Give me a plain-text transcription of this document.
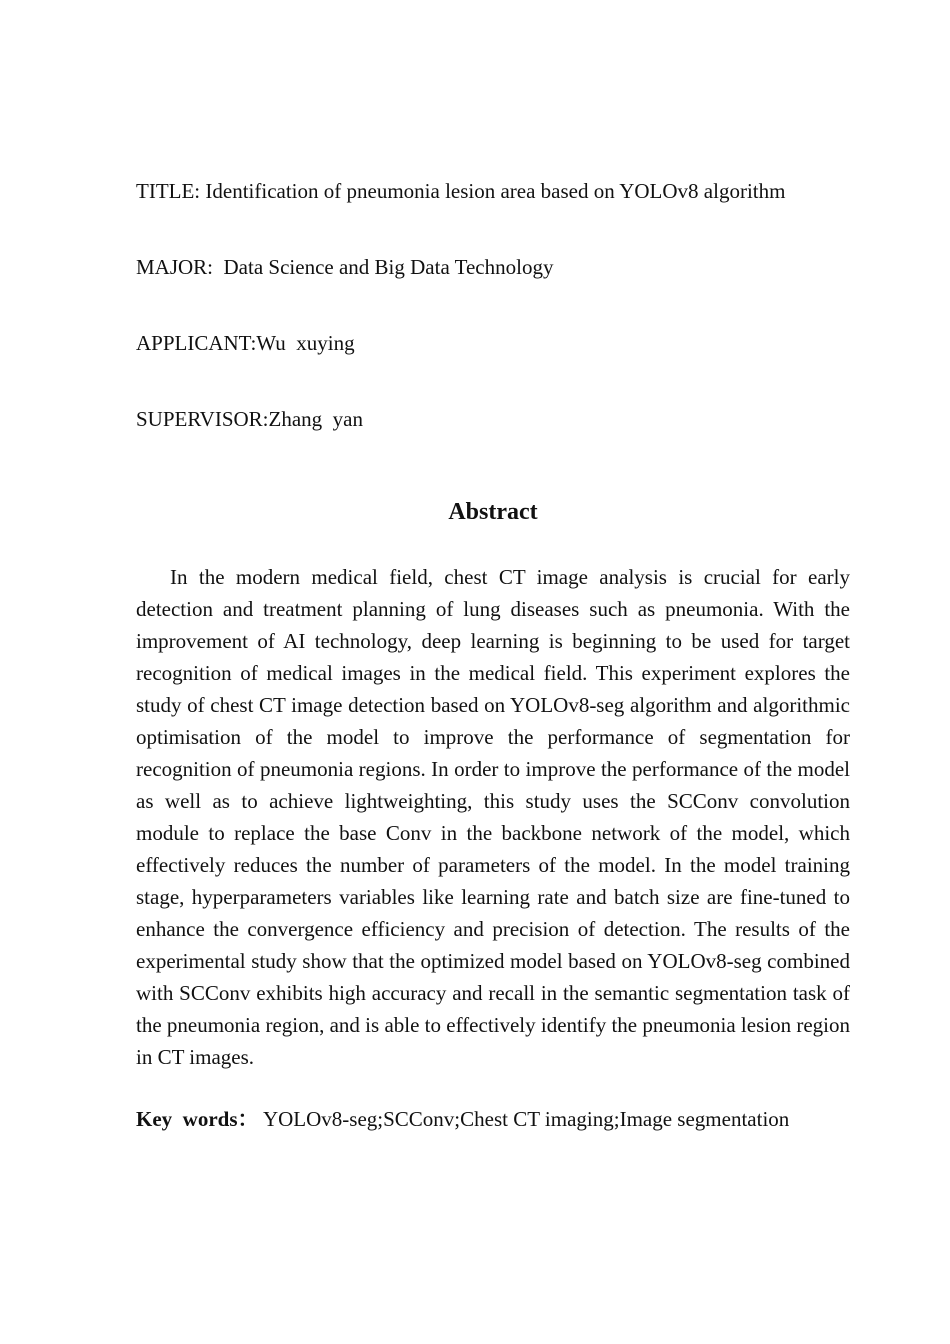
TITLE: Identification of pneumonia lesion area based on YOLOv8 algorithm
MAJOR:  Data Science and Big Data Technology
APPLICANT:Wu  xuying
SUPERVISOR:Zhang  yan
Abstract

In the modern medical field, chest CT image analysis is crucial for early detection and treatment planning of lung diseases such as pneumonia. With the improvement of AI technology, deep learning is beginning to be used for target recognition of medical images in the medical field. This experiment explores the study of chest CT image detection based on YOLOv8-seg algorithm and algorithmic optimisation of the model to improve the performance of segmentation for recognition of pneumonia regions. In order to improve the performance of the model as well as to achieve lightweighting, this study uses the SCConv convolution module to replace the base Conv in the backbone network of the model, which effectively reduces the number of parameters of the model. In the model training stage, hyperparameters variables like learning rate and batch size are fine-tuned to enhance the convergence efficiency and precision of detection. The results of the experimental study show that the optimized model based on YOLOv8-seg combined with SCConv exhibits high accuracy and recall in the semantic segmentation task of the pneumonia region, and is able to effectively identify the pneumonia lesion region in CT images.

Key  words： YOLOv8-seg;SCConv;Chest CT imaging;Image segmentation
